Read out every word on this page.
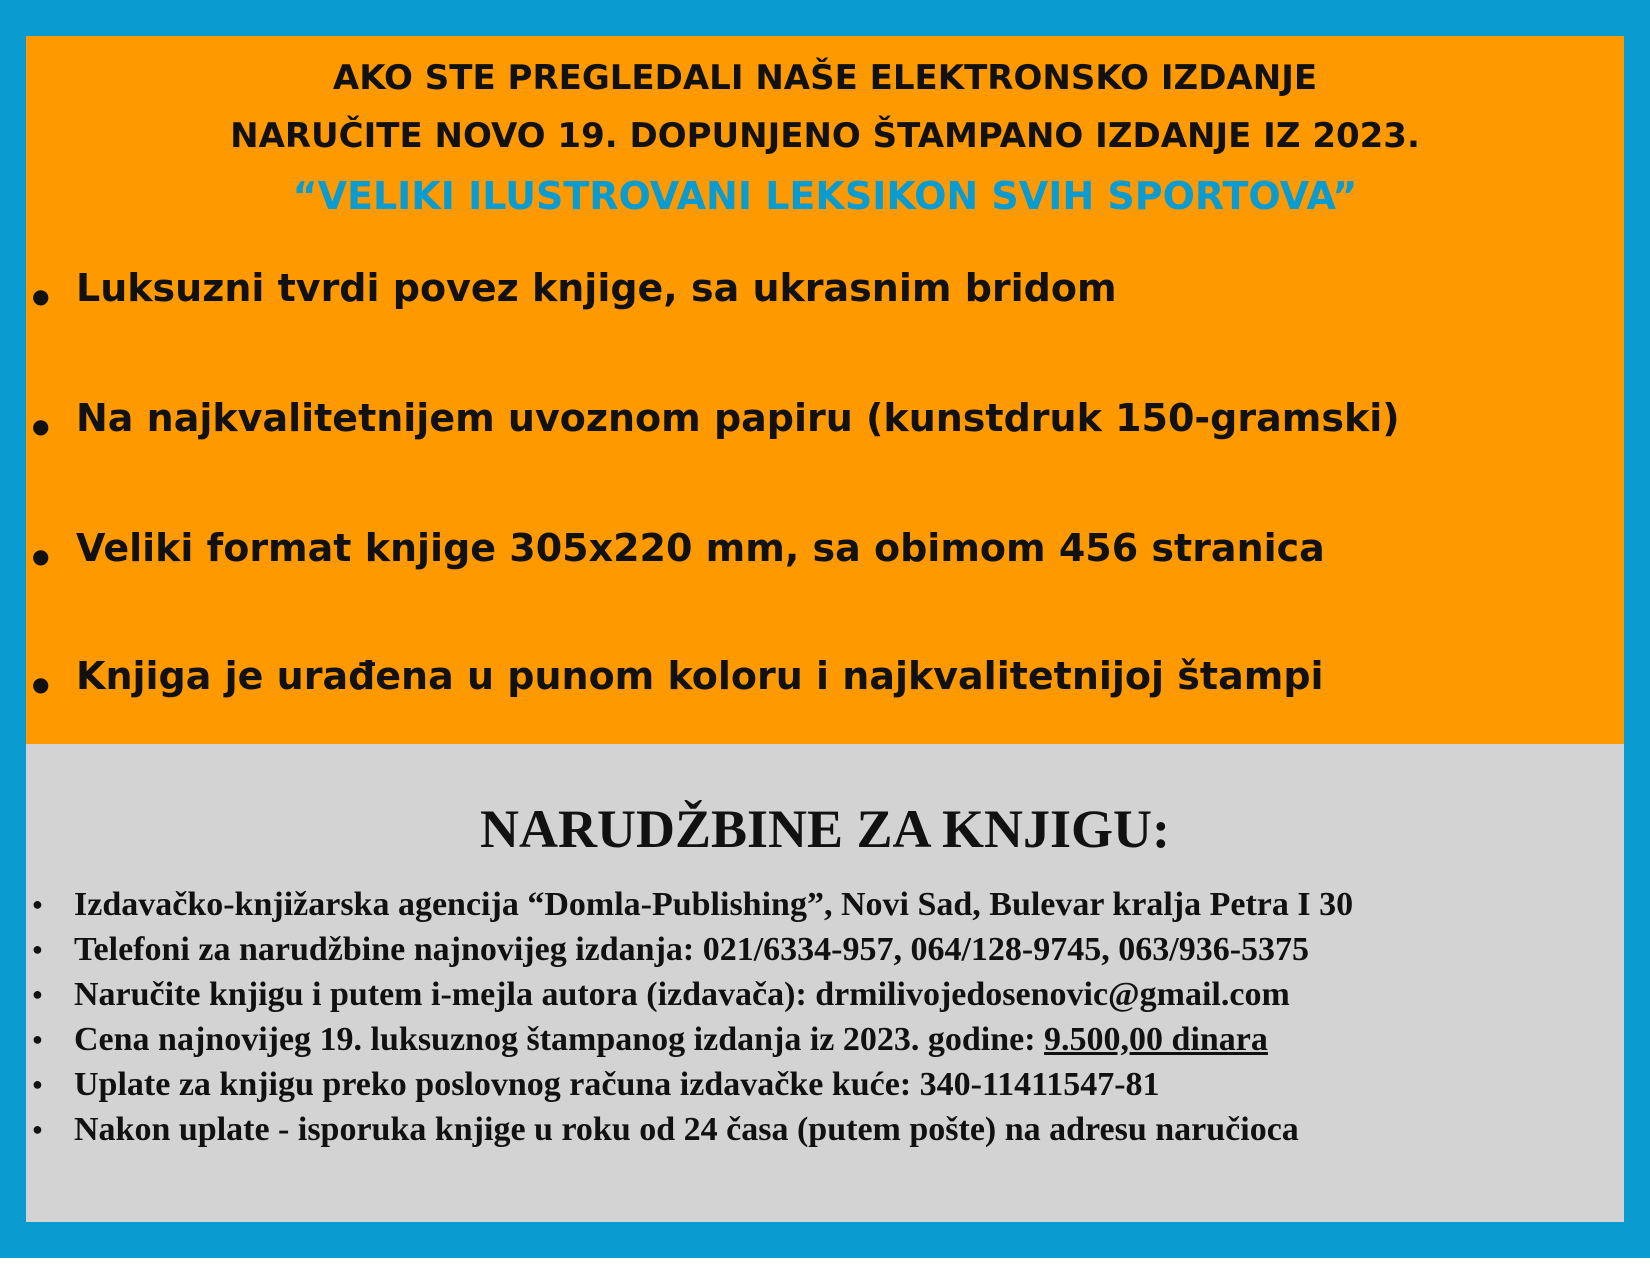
AKO STE PREGLEDALI NAŠE ELEKTRONSKO IZDANJE
NARUČITE NOVO 19. DOPUNJENO ŠTAMPANO IZDANJE IZ 2023.
“VELIKI ILUSTROVANI LEKSIKON SVIH SPORTOVA”
● Luksuzni tvrdi povez knjige, sa ukrasnim bridom
● Na najkvalitetnijem uvoznom papiru (kunstdruk 150-gramski)
● Veliki format knjige 305x220 mm, sa obimom 456 stranica
● Knjiga je urađena u punom koloru i najkvalitetnijoj štampi
NARUDŽBINE ZA KNJIGU:
● Izdavačko-knjižarska agencija “Domla-Publishing”, Novi Sad, Bulevar kralja Petra I 30
● Telefoni za narudžbine najnovijeg izdanja: 021/6334-957, 064/128-9745, 063/936-5375
● Naručite knjigu i putem i-mejla autora (izdavača): drmilivojedosenovic@gmail.com
● Cena najnovijeg 19. luksuznog štampanog izdanja iz 2023. godine: 9.500,00 dinara
● Uplate za knjigu preko poslovnog računa izdavačke kuće: 340-11411547-81
● Nakon uplate - isporuka knjige u roku od 24 časa (putem pošte) na adresu naručioca
